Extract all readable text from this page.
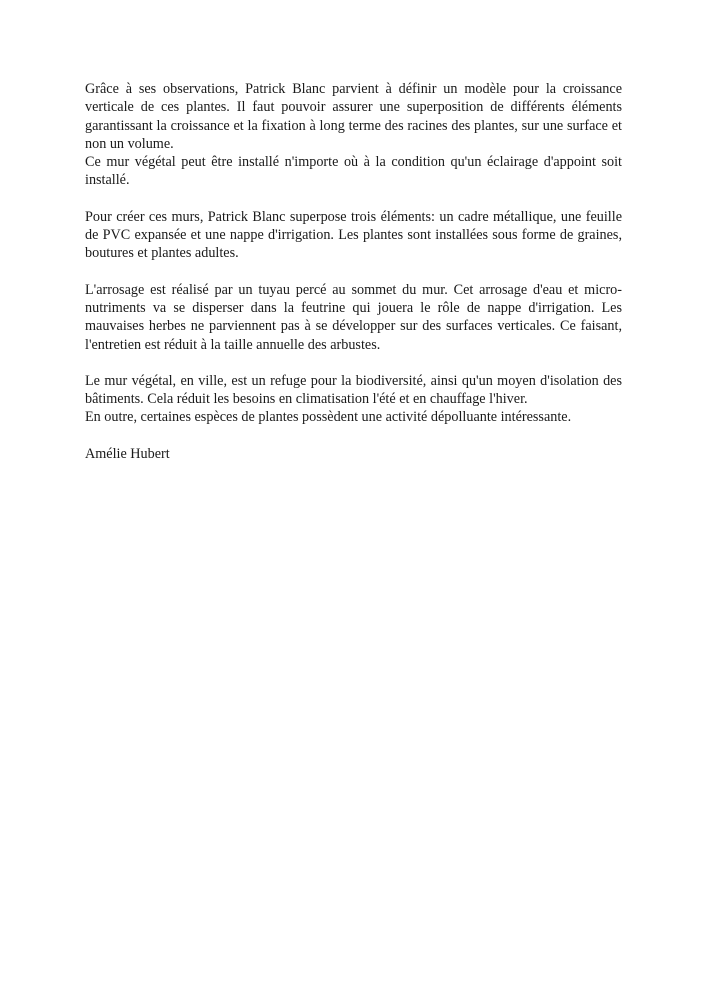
Grâce à ses observations, Patrick Blanc parvient à définir un modèle pour la croissance verticale de ces plantes. Il faut pouvoir assurer une superposition de différents éléments garantissant la croissance et la fixation à long terme des racines des plantes, sur une surface et non un volume.
Ce mur végétal peut être installé n'importe où à la condition qu'un éclairage d'appoint soit installé.

Pour créer ces murs, Patrick Blanc superpose trois éléments: un cadre métallique, une feuille de PVC expansée et une nappe d'irrigation. Les plantes sont installées sous forme de graines, boutures et plantes adultes.

L'arrosage est réalisé par un tuyau percé au sommet du mur. Cet arrosage d'eau et micro-nutriments va se disperser dans la feutrine qui jouera le rôle de nappe d'irrigation. Les mauvaises herbes ne parviennent pas à se développer sur des surfaces verticales. Ce faisant, l'entretien est réduit à la taille annuelle des arbustes.

Le mur végétal, en ville, est un refuge pour la biodiversité, ainsi qu'un moyen d'isolation des bâtiments. Cela réduit les besoins en climatisation l'été et en chauffage l'hiver.
En outre, certaines espèces de plantes possèdent une activité dépolluante intéressante.

Amélie Hubert
